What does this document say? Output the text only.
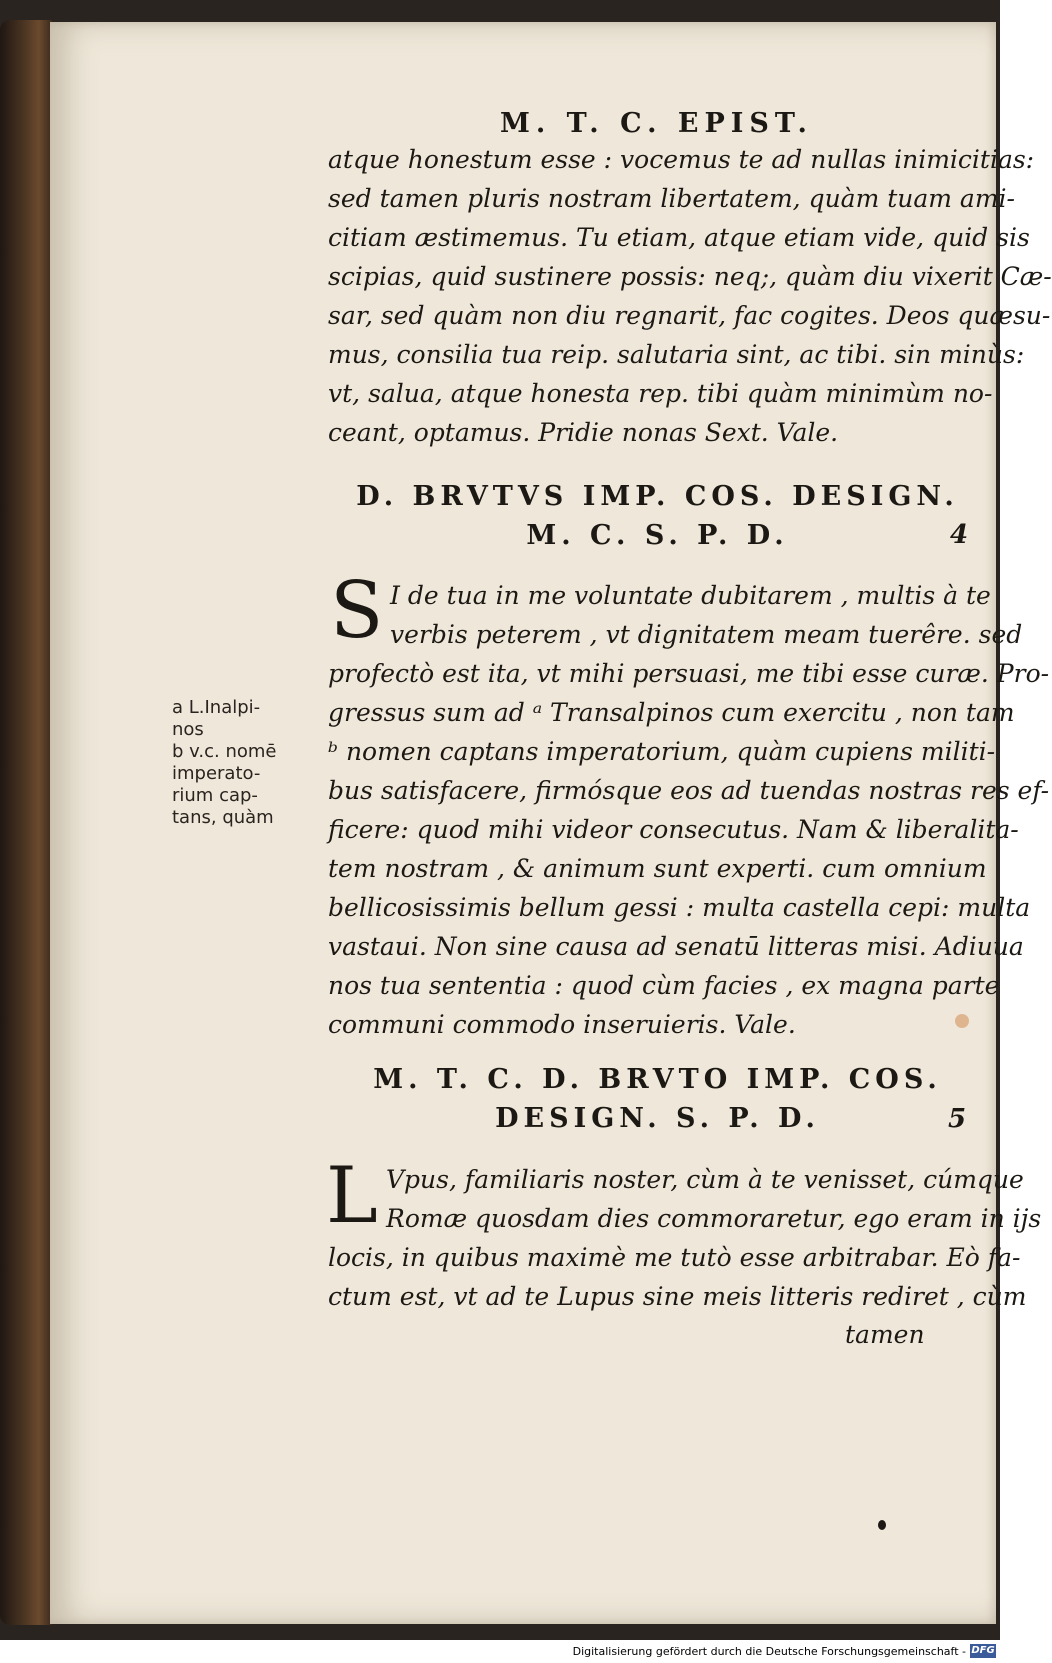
M. T. C. EPIST.
atque honestum esse : vocemus te ad nullas inimicitias:
sed tamen pluris nostram libertatem, quàm tuam ami-
citiam æstimemus. Tu etiam, atque etiam vide, quid sis
scipias, quid sustinere possis: neq;, quàm diu vixerit Cæ-
sar, sed quàm non diu regnarit, fac cogites. Deos quæsu-
mus, consilia tua reip. salutaria sint, ac tibi. sin minùs:
vt, salua, atque honesta rep. tibi quàm minimùm no-
ceant, optamus. Pridie nonas Sext. Vale.
D. BRVTVS IMP. COS. DESIGN.
M. C. S. P. D.	4
S I de tua in me voluntate dubitarem , multis à te
verbis peterem , vt dignitatem meam tuerêre. sed
profectò est ita, vt mihi persuasi, me tibi esse curæ. Pro-
gressus sum ad ᵃ Transalpinos cum exercitu , non tam
ᵇ nomen captans imperatorium, quàm cupiens militi-
bus satisfacere, firmósque eos ad tuendas nostras res ef-
ficere: quod mihi videor consecutus. Nam & liberalita-
tem nostram , & animum sunt experti. cum omnium
bellicosissimis bellum gessi : multa castella cepi: multa
vastaui. Non sine causa ad senatū litteras misi. Adiuua
nos tua sententia : quod cùm facies , ex magna parte
communi commodo inseruieris. Vale.
a L.Inalpi-
nos
b v.c. nomē
imperato-
rium cap-
tans, quàm
M. T. C. D. BRVTO IMP. COS.
DESIGN. S. P. D.	5
L Vpus, familiaris noster, cùm à te venisset, cúmque
Romæ quosdam dies commoraretur, ego eram in ijs
locis, in quibus maximè me tutò esse arbitrabar. Eò fa-
ctum est, vt ad te Lupus sine meis litteris rediret , cùm
tamen
Digitalisierung gefördert durch die Deutsche Forschungsgemeinschaft - DFG
